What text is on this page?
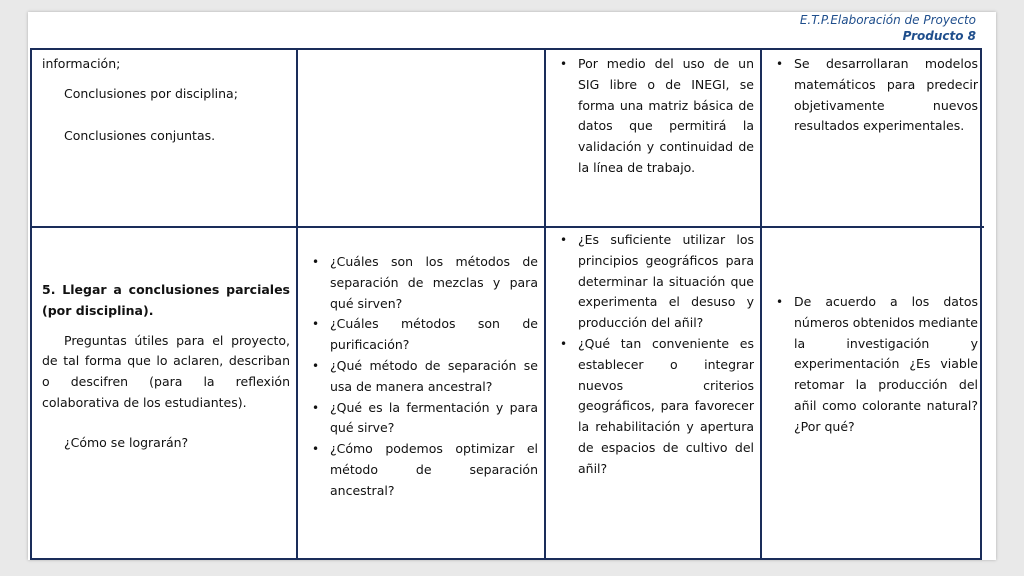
E.T.P.Elaboración de Proyecto
Producto 8

información;

Conclusiones por disciplina;

Conclusiones conjuntas.

• Por medio del uso de un SIG libre o de INEGI, se forma una matriz básica de datos que permitirá la validación y continuidad de la línea de trabajo.
• Se desarrollaran modelos matemáticos para predecir objetivamente nuevos resultados experimentales.

5. Llegar a conclusiones parciales (por disciplina).

Preguntas útiles para el proyecto, de tal forma que lo aclaren, describan o descifren (para la reflexión colaborativa de los estudiantes).

¿Cómo se lograrán?

• ¿Cuáles son los métodos de separación de mezclas y para qué sirven?
• ¿Cuáles métodos son de purificación?
• ¿Qué método de separación se usa de manera ancestral?
• ¿Qué es la fermentación y para qué sirve?
• ¿Cómo podemos optimizar el método de separación ancestral?
• ¿Es suficiente utilizar los principios geográficos para determinar la situación que experimenta el desuso y producción del añil?
• ¿Qué tan conveniente es establecer o integrar nuevos criterios geográficos, para favorecer la rehabilitación y apertura de espacios de cultivo del añil?
• De acuerdo a los datos números obtenidos mediante la investigación y experimentación ¿Es viable retomar la producción del añil como colorante natural? ¿Por qué?
